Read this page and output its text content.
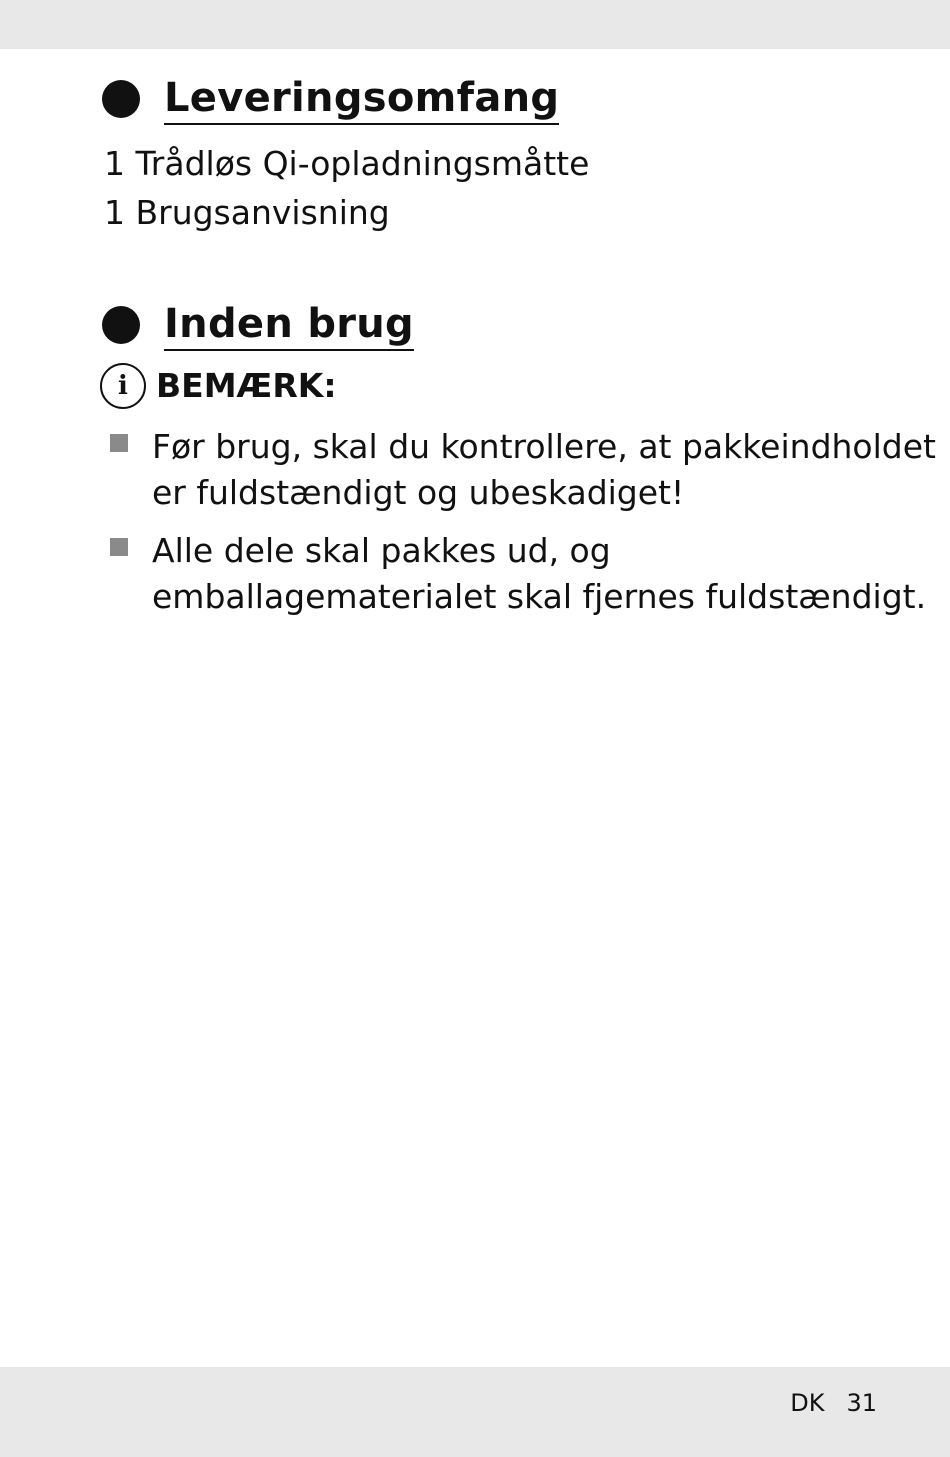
Leveringsomfang
1 Trådløs Qi-opladningsmåtte
1 Brugsanvisning
Inden brug
i BEMÆRK:
Før brug, skal du kontrollere, at pakkeindholdet
er fuldstændigt og ubeskadiget!
Alle dele skal pakkes ud, og
emballagematerialet skal fjernes fuldstændigt.
DK 31
